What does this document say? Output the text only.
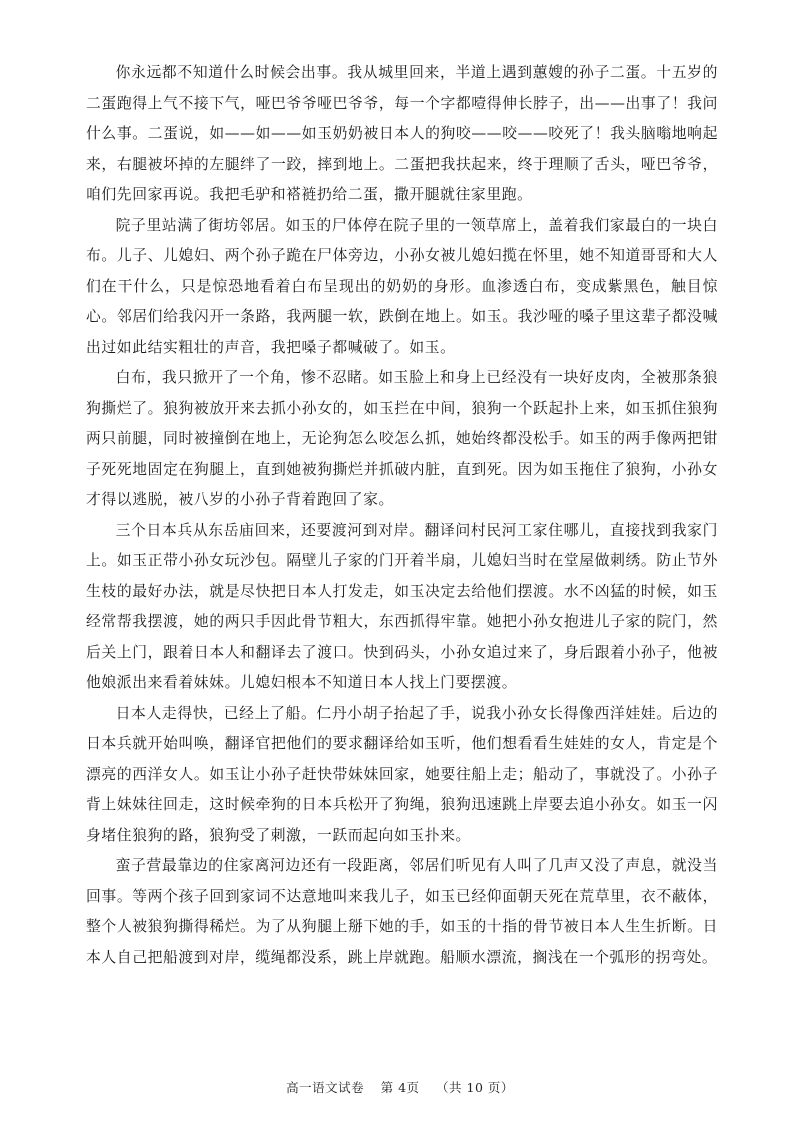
你永远都不知道什么时候会出事。我从城里回来，半道上遇到蕙嫂的孙子二蛋。十五岁的二蛋跑得上气不接下气，哑巴爷爷哑巴爷爷，每一个字都噎得伸长脖子，出——出事了！我问什么事。二蛋说，如——如——如玉奶奶被日本人的狗咬——咬——咬死了！我头脑嗡地响起来，右腿被坏掉的左腿绊了一跤，摔到地上。二蛋把我扶起来，终于理顺了舌头，哑巴爷爷，咱们先回家再说。我把毛驴和褡裢扔给二蛋，撒开腿就往家里跑。

院子里站满了街坊邻居。如玉的尸体停在院子里的一领草席上，盖着我们家最白的一块白布。儿子、儿媳妇、两个孙子跪在尸体旁边，小孙女被儿媳妇揽在怀里，她不知道哥哥和大人们在干什么，只是惊恐地看着白布呈现出的奶奶的身形。血渗透白布，变成紫黑色，触目惊心。邻居们给我闪开一条路，我两腿一软，跌倒在地上。如玉。我沙哑的嗓子里这辈子都没喊出过如此结实粗壮的声音，我把嗓子都喊破了。如玉。

白布，我只掀开了一个角，惨不忍睹。如玉脸上和身上已经没有一块好皮肉，全被那条狼狗撕烂了。狼狗被放开来去抓小孙女的，如玉拦在中间，狼狗一个跃起扑上来，如玉抓住狼狗两只前腿，同时被撞倒在地上，无论狗怎么咬怎么抓，她始终都没松手。如玉的两手像两把钳子死死地固定在狗腿上，直到她被狗撕烂并抓破内脏，直到死。因为如玉拖住了狼狗，小孙女才得以逃脱，被八岁的小孙子背着跑回了家。

三个日本兵从东岳庙回来，还要渡河到对岸。翻译问村民河工家住哪儿，直接找到我家门上。如玉正带小孙女玩沙包。隔壁儿子家的门开着半扇，儿媳妇当时在堂屋做刺绣。防止节外生枝的最好办法，就是尽快把日本人打发走，如玉决定去给他们摆渡。水不凶猛的时候，如玉经常帮我摆渡，她的两只手因此骨节粗大，东西抓得牢靠。她把小孙女抱进儿子家的院门，然后关上门，跟着日本人和翻译去了渡口。快到码头，小孙女追过来了，身后跟着小孙子，他被他娘派出来看着妹妹。儿媳妇根本不知道日本人找上门要摆渡。

日本人走得快，已经上了船。仁丹小胡子抬起了手，说我小孙女长得像西洋娃娃。后边的日本兵就开始叫唤，翻译官把他们的要求翻译给如玉听，他们想看看生娃娃的女人，肯定是个漂亮的西洋女人。如玉让小孙子赶快带妹妹回家，她要往船上走；船动了，事就没了。小孙子背上妹妹往回走，这时候牵狗的日本兵松开了狗绳，狼狗迅速跳上岸要去追小孙女。如玉一闪身堵住狼狗的路，狼狗受了刺激，一跃而起向如玉扑来。

蛮子营最靠边的住家离河边还有一段距离，邻居们听见有人叫了几声又没了声息，就没当回事。等两个孩子回到家词不达意地叫来我儿子，如玉已经仰面朝天死在荒草里，衣不蔽体，整个人被狼狗撕得稀烂。为了从狗腿上掰下她的手，如玉的十指的骨节被日本人生生折断。日本人自己把船渡到对岸，缆绳都没系，跳上岸就跑。船顺水漂流，搁浅在一个弧形的拐弯处。

高一语文试卷 第 4页 （共 10 页）
